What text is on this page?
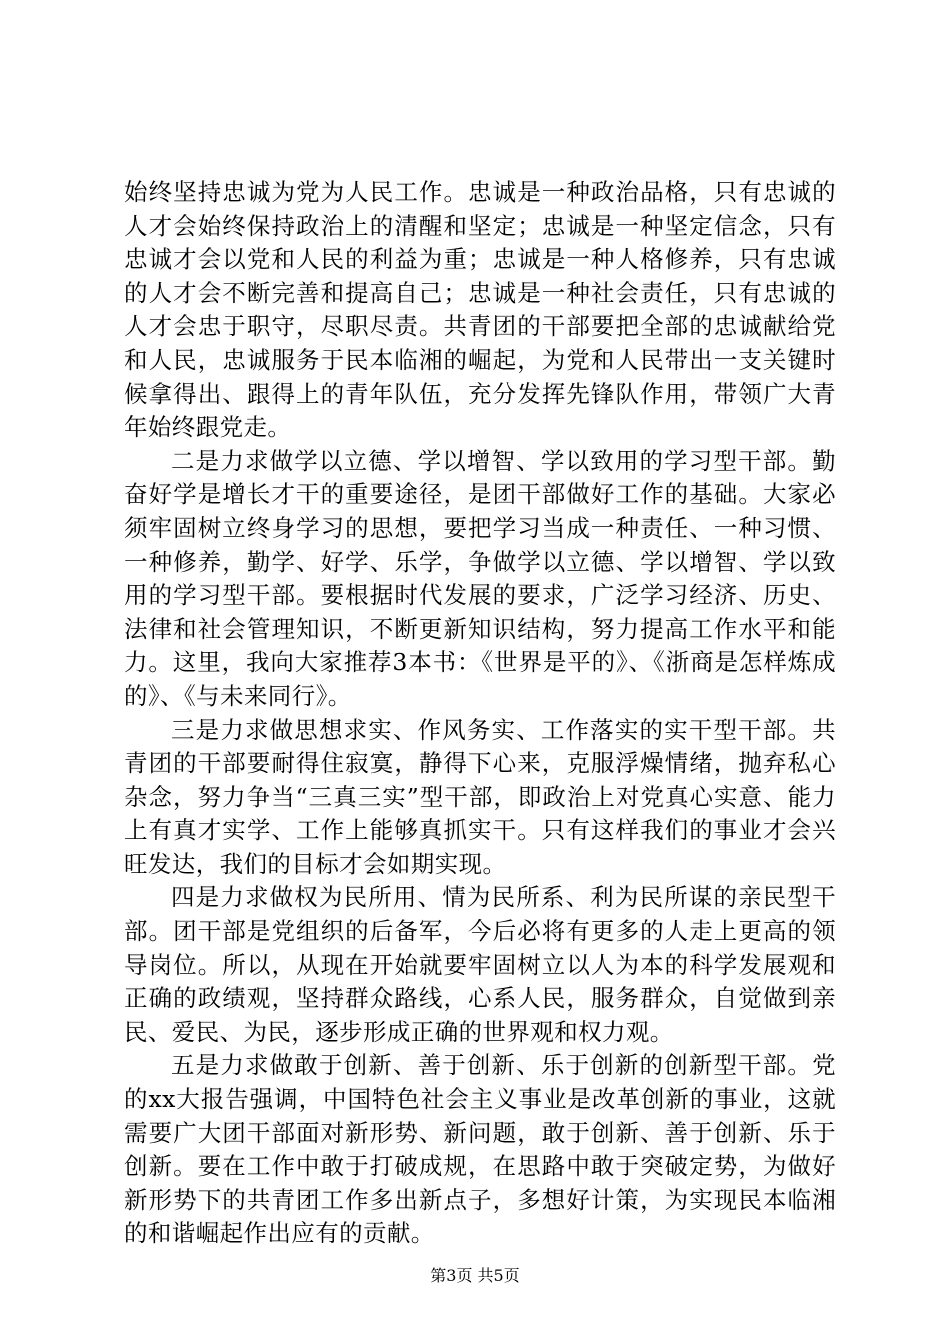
始终坚持忠诚为党为人民工作。忠诚是一种政治品格，只有忠诚的人才会始终保持政治上的清醒和坚定；忠诚是一种坚定信念，只有忠诚才会以党和人民的利益为重；忠诚是一种人格修养，只有忠诚的人才会不断完善和提高自己；忠诚是一种社会责任，只有忠诚的人才会忠于职守，尽职尽责。共青团的干部要把全部的忠诚献给党和人民，忠诚服务于民本临湘的崛起，为党和人民带出一支关键时候拿得出、跟得上的青年队伍，充分发挥先锋队作用，带领广大青年始终跟党走。

二是力求做学以立德、学以增智、学以致用的学习型干部。勤奋好学是增长才干的重要途径，是团干部做好工作的基础。大家必须牢固树立终身学习的思想，要把学习当成一种责任、一种习惯、一种修养，勤学、好学、乐学，争做学以立德、学以增智、学以致用的学习型干部。要根据时代发展的要求，广泛学习经济、历史、法律和社会管理知识，不断更新知识结构，努力提高工作水平和能力。这里，我向大家推荐3本书：《世界是平的》、《浙商是怎样炼成的》、《与未来同行》。

三是力求做思想求实、作风务实、工作落实的实干型干部。共青团的干部要耐得住寂寞，静得下心来，克服浮燥情绪，抛弃私心杂念，努力争当“三真三实”型干部，即政治上对党真心实意、能力上有真才实学、工作上能够真抓实干。只有这样我们的事业才会兴旺发达，我们的目标才会如期实现。

四是力求做权为民所用、情为民所系、利为民所谋的亲民型干部。团干部是党组织的后备军，今后必将有更多的人走上更高的领导岗位。所以，从现在开始就要牢固树立以人为本的科学发展观和正确的政绩观，坚持群众路线，心系人民，服务群众，自觉做到亲民、爱民、为民，逐步形成正确的世界观和权力观。

五是力求做敢于创新、善于创新、乐于创新的创新型干部。党的xx大报告强调，中国特色社会主义事业是改革创新的事业，这就需要广大团干部面对新形势、新问题，敢于创新、善于创新、乐于创新。要在工作中敢于打破成规，在思路中敢于突破定势，为做好新形势下的共青团工作多出新点子，多想好计策，为实现民本临湘的和谐崛起作出应有的贡献。

第3页 共5页
